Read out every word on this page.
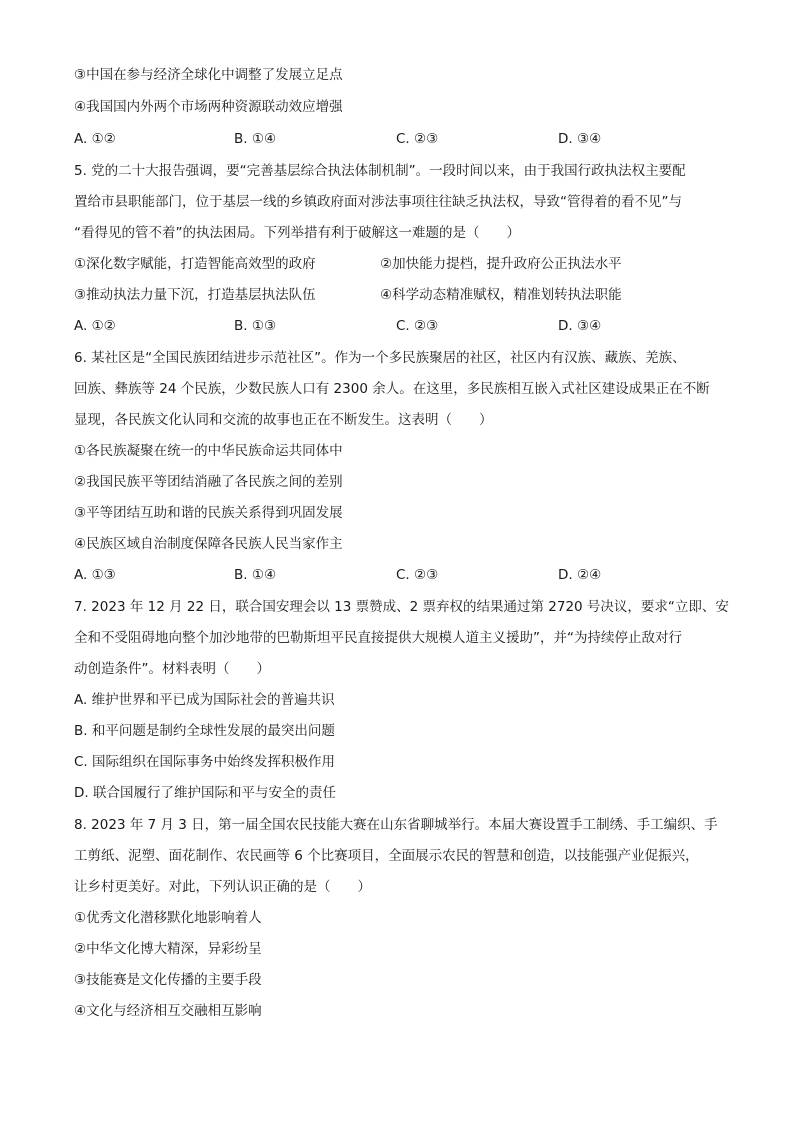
③中国在参与经济全球化中调整了发展立足点
④我国国内外两个市场两种资源联动效应增强
A. ①②	B. ①④	C. ②③	D. ③④
5. 党的二十大报告强调，要“完善基层综合执法体制机制”。一段时间以来，由于我国行政执法权主要配
置给市县职能部门，位于基层一线的乡镇政府面对涉法事项往往缺乏执法权，导致“管得着的看不见”与
“看得见的管不着”的执法困局。下列举措有利于破解这一难题的是（　　）
①深化数字赋能，打造智能高效型的政府	②加快能力提档，提升政府公正执法水平
③推动执法力量下沉，打造基层执法队伍	④科学动态精准赋权，精准划转执法职能
A. ①②	B. ①③	C. ②③	D. ③④
6. 某社区是“全国民族团结进步示范社区”。作为一个多民族聚居的社区，社区内有汉族、藏族、羌族、
回族、彝族等 24 个民族，少数民族人口有 2300 余人。在这里，多民族相互嵌入式社区建设成果正在不断
显现，各民族文化认同和交流的故事也正在不断发生。这表明（　　）
①各民族凝聚在统一的中华民族命运共同体中
②我国民族平等团结消融了各民族之间的差别
③平等团结互助和谐的民族关系得到巩固发展
④民族区域自治制度保障各民族人民当家作主
A. ①③	B. ①④	C. ②③	D. ②④
7. 2023 年 12 月 22 日，联合国安理会以 13 票赞成、2 票弃权的结果通过第 2720 号决议，要求“立即、安
全和不受阻碍地向整个加沙地带的巴勒斯坦平民直接提供大规模人道主义援助”，并“为持续停止敌对行
动创造条件”。材料表明（　　）
A. 维护世界和平已成为国际社会的普遍共识
B. 和平问题是制约全球性发展的最突出问题
C. 国际组织在国际事务中始终发挥积极作用
D. 联合国履行了维护国际和平与安全的责任
8. 2023 年 7 月 3 日，第一届全国农民技能大赛在山东省聊城举行。本届大赛设置手工制绣、手工编织、手
工剪纸、泥塑、面花制作、农民画等 6 个比赛项目，全面展示农民的智慧和创造，以技能强产业促振兴，
让乡村更美好。对此，下列认识正确的是（　　）
①优秀文化潜移默化地影响着人
②中华文化博大精深，异彩纷呈
③技能赛是文化传播的主要手段
④文化与经济相互交融相互影响
